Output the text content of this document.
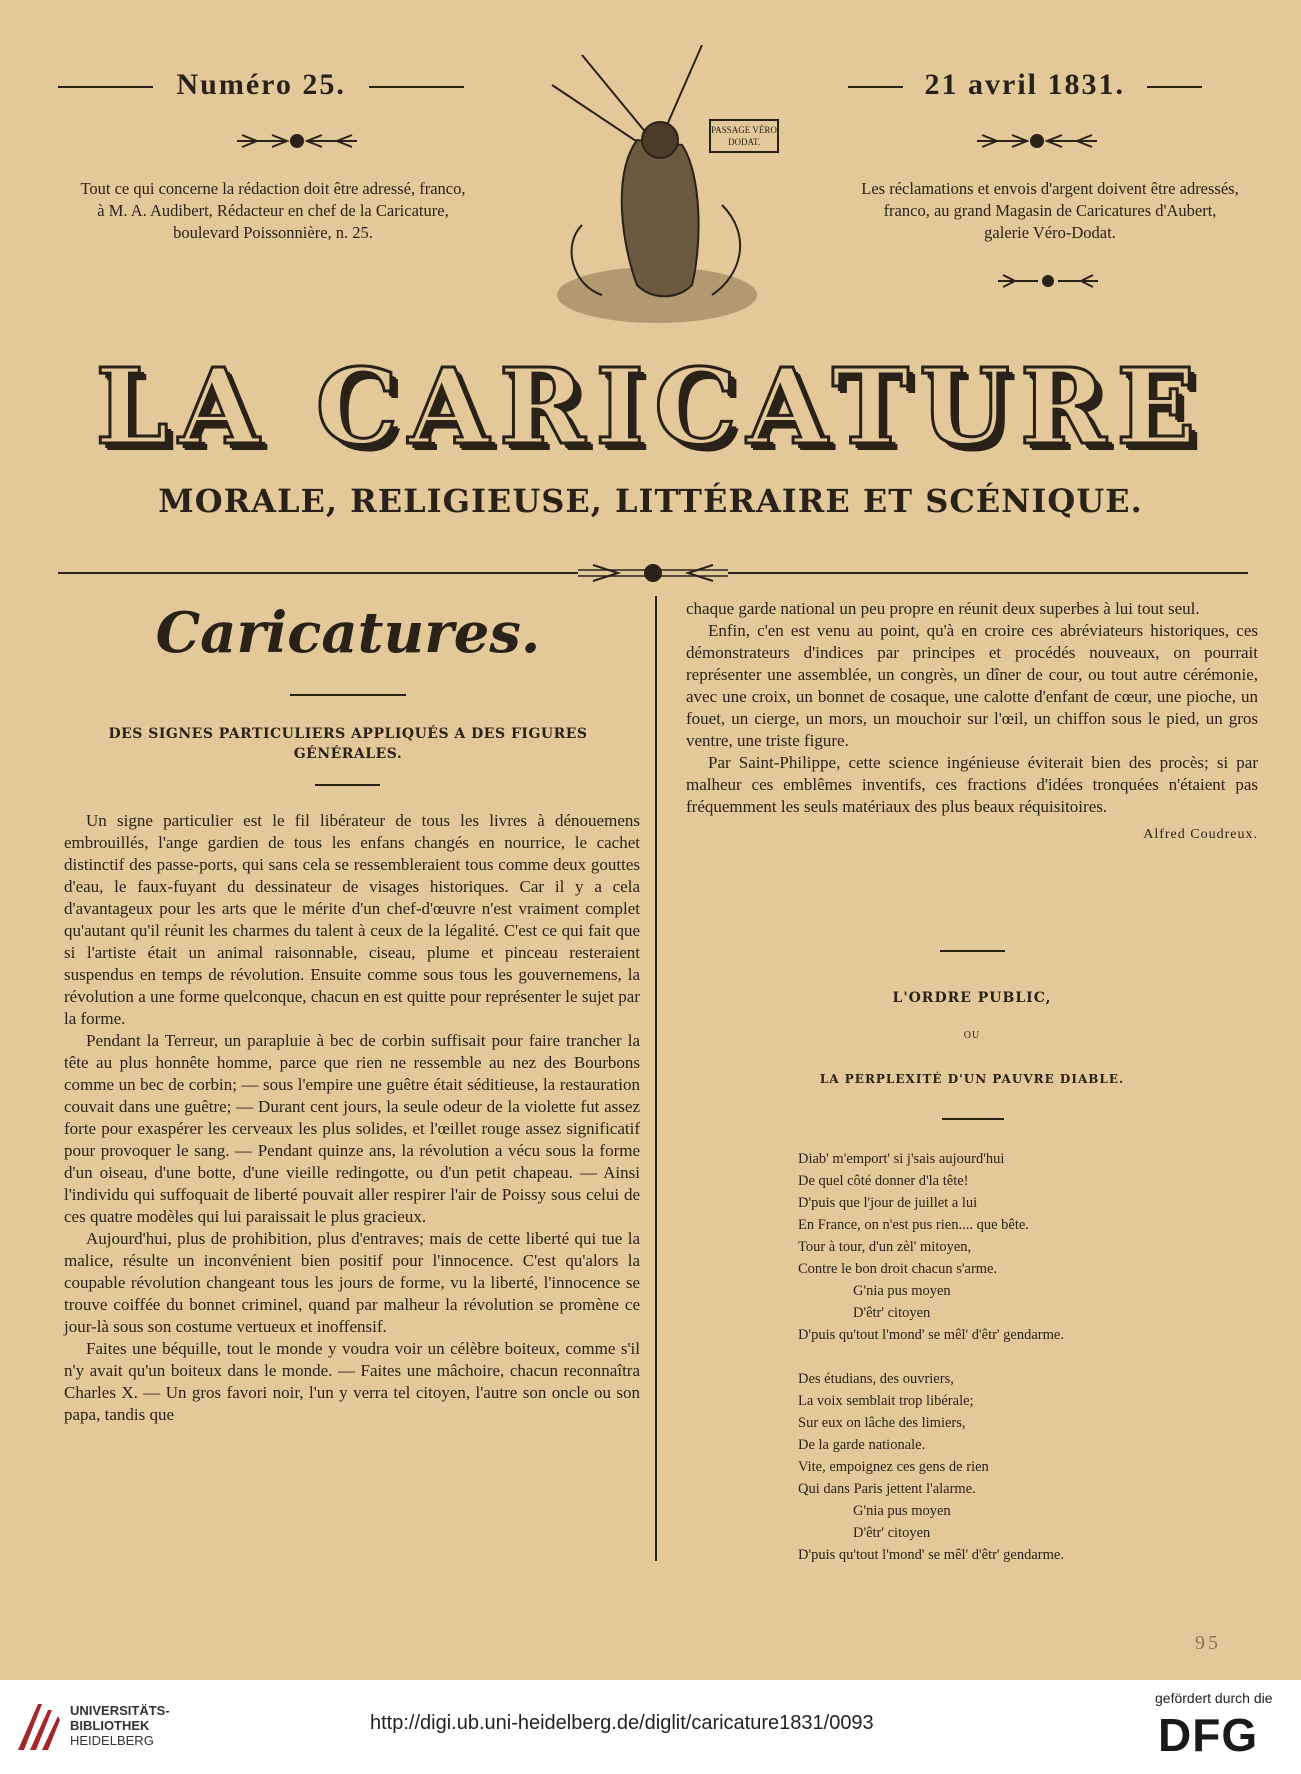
Numéro 25.	21 avril 1831.
Tout ce qui concerne la rédaction doit être adressé, franco,
à M. A. Audibert, Rédacteur en chef de la Caricature,
boulevard Poissonnière, n. 25.
Les réclamations et envois d'argent doivent être adressés,
franco, au grand Magasin de Caricatures d'Aubert,
galerie Véro-Dodat.
PASSAGE VÉRO
DODAT.
LA CARICATURE
MORALE, RELIGIEUSE, LITTÉRAIRE ET SCÉNIQUE.
Caricatures.
DES SIGNES PARTICULIERS APPLIQUÉS A DES FIGURES
GÉNÉRALES.

Un signe particulier est le fil libérateur de tous les livres à dénouemens embrouillés, l'ange gardien de tous les enfans changés en nourrice, le cachet distinctif des passe-ports, qui sans cela se ressembleraient tous comme deux gouttes d'eau, le faux-fuyant du dessinateur de visages historiques. Car il y a cela d'avantageux pour les arts que le mérite d'un chef-d'œuvre n'est vraiment complet qu'autant qu'il réunit les charmes du talent à ceux de la légalité. C'est ce qui fait que si l'artiste était un animal raisonnable, ciseau, plume et pinceau resteraient suspendus en temps de révolution. Ensuite comme sous tous les gouvernemens, la révolution a une forme quelconque, chacun en est quitte pour représenter le sujet par la forme.

Pendant la Terreur, un parapluie à bec de corbin suffisait pour faire trancher la tête au plus honnête homme, parce que rien ne ressemble au nez des Bourbons comme un bec de corbin; — sous l'empire une guêtre était séditieuse, la restauration couvait dans une guêtre; — Durant cent jours, la seule odeur de la violette fut assez forte pour exaspérer les cerveaux les plus solides, et l'œillet rouge assez significatif pour provoquer le sang. — Pendant quinze ans, la révolution a vécu sous la forme d'un oiseau, d'une botte, d'une vieille redingotte, ou d'un petit chapeau. — Ainsi l'individu qui suffoquait de liberté pouvait aller respirer l'air de Poissy sous celui de ces quatre modèles qui lui paraissait le plus gracieux.

Aujourd'hui, plus de prohibition, plus d'entraves; mais de cette liberté qui tue la malice, résulte un inconvénient bien positif pour l'innocence. C'est qu'alors la coupable révolution changeant tous les jours de forme, vu la liberté, l'innocence se trouve coiffée du bonnet criminel, quand par malheur la révolution se promène ce jour-là sous son costume vertueux et inoffensif.

Faites une béquille, tout le monde y voudra voir un célèbre boiteux, comme s'il n'y avait qu'un boiteux dans le monde. — Faites une mâchoire, chacun reconnaîtra Charles X. — Un gros favori noir, l'un y verra tel citoyen, l'autre son oncle ou son papa, tandis que

chaque garde national un peu propre en réunit deux superbes à lui tout seul.

Enfin, c'en est venu au point, qu'à en croire ces abréviateurs historiques, ces démonstrateurs d'indices par principes et procédés nouveaux, on pourrait représenter une assemblée, un congrès, un dîner de cour, ou tout autre cérémonie, avec une croix, un bonnet de cosaque, une calotte d'enfant de cœur, une pioche, un fouet, un cierge, un mors, un mouchoir sur l'œil, un chiffon sous le pied, un gros ventre, une triste figure.

Par Saint-Philippe, cette science ingénieuse éviterait bien des procès; si par malheur ces emblêmes inventifs, ces fractions d'idées tronquées n'étaient pas fréquemment les seuls matériaux des plus beaux réquisitoires.

Alfred Coudreux.
L'ORDRE PUBLIC,
OU
LA PERPLEXITÉ D'UN PAUVRE DIABLE.
Diab' m'emport' si j'sais aujourd'hui
De quel côté donner d'la tête!
D'puis que l'jour de juillet a lui
En France, on n'est pus rien.... que bête.
Tour à tour, d'un zèl' mitoyen,
Contre le bon droit chacun s'arme.
G'nia pus moyen
D'êtr' citoyen
D'puis qu'tout l'mond' se mêl' d'êtr' gendarme.
Des étudians, des ouvriers,
La voix semblait trop libérale;
Sur eux on lâche des limiers,
De la garde nationale.
Vite, empoignez ces gens de rien
Qui dans Paris jettent l'alarme.
G'nia pus moyen
D'êtr' citoyen
D'puis qu'tout l'mond' se mêl' d'êtr' gendarme.
95
UNIVERSITÄTS-
BIBLIOTHEK
HEIDELBERG
http://digi.ub.uni-heidelberg.de/diglit/caricature1831/0093
gefördert durch die
DFG
